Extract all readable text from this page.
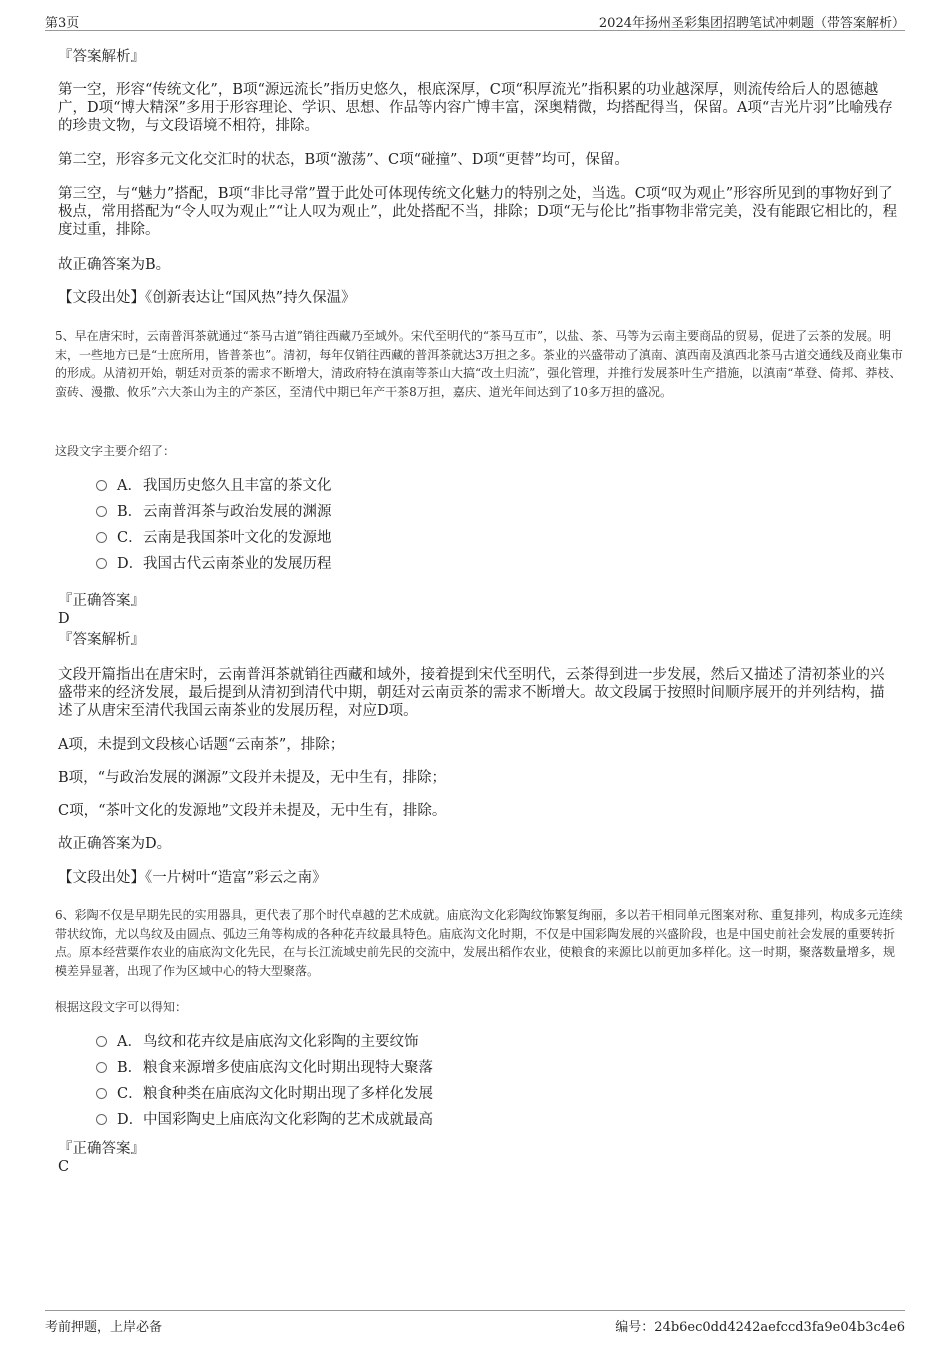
第3页	2024年扬州圣彩集团招聘笔试冲刺题（带答案解析）
『答案解析』
第一空，形容“传统文化”，B项“源远流长”指历史悠久，根底深厚，C项“积厚流光”指积累的功业越深厚，则流传给后人的恩德越广，D项“博大精深”多用于形容理论、学识、思想、作品等内容广博丰富，深奥精微，均搭配得当，保留。A项“吉光片羽”比喻残存的珍贵文物，与文段语境不相符，排除。
第二空，形容多元文化交汇时的状态，B项“激荡”、C项“碰撞”、D项“更替”均可，保留。
第三空，与“魅力”搭配，B项“非比寻常”置于此处可体现传统文化魅力的特别之处，当选。C项“叹为观止”形容所见到的事物好到了极点，常用搭配为“令人叹为观止”“让人叹为观止”，此处搭配不当，排除；D项“无与伦比”指事物非常完美，没有能跟它相比的，程度过重，排除。
故正确答案为B。
【文段出处】《创新表达让“国风热”持久保温》
5、早在唐宋时，云南普洱茶就通过“茶马古道”销往西藏乃至域外。宋代至明代的“茶马互市”，以盐、茶、马等为云南主要商品的贸易，促进了云茶的发展。明末，一些地方已是“士庶所用，皆普茶也”。清初，每年仅销往西藏的普洱茶就达3万担之多。茶业的兴盛带动了滇南、滇西南及滇西北茶马古道交通线及商业集市的形成。从清初开始，朝廷对贡茶的需求不断增大，清政府特在滇南等茶山大搞“改土归流”，强化管理，并推行发展茶叶生产措施，以滇南“革登、倚邦、莽枝、蛮砖、漫撒、攸乐”六大茶山为主的产茶区，至清代中期已年产干茶8万担，嘉庆、道光年间达到了10多万担的盛况。
这段文字主要介绍了：
A．我国历史悠久且丰富的茶文化
B．云南普洱茶与政治发展的渊源
C．云南是我国茶叶文化的发源地
D．我国古代云南茶业的发展历程
『正确答案』
D
『答案解析』
文段开篇指出在唐宋时，云南普洱茶就销往西藏和域外，接着提到宋代至明代，云茶得到进一步发展，然后又描述了清初茶业的兴盛带来的经济发展，最后提到从清初到清代中期，朝廷对云南贡茶的需求不断增大。故文段属于按照时间顺序展开的并列结构，描述了从唐宋至清代我国云南茶业的发展历程，对应D项。
A项，未提到文段核心话题“云南茶”，排除；
B项，“与政治发展的渊源”文段并未提及，无中生有，排除；
C项，“茶叶文化的发源地”文段并未提及，无中生有，排除。
故正确答案为D。
【文段出处】《一片树叶“造富”彩云之南》
6、彩陶不仅是早期先民的实用器具，更代表了那个时代卓越的艺术成就。庙底沟文化彩陶纹饰繁复绚丽，多以若干相同单元图案对称、重复排列，构成多元连续带状纹饰，尤以鸟纹及由圆点、弧边三角等构成的各种花卉纹最具特色。庙底沟文化时期，不仅是中国彩陶发展的兴盛阶段，也是中国史前社会发展的重要转折点。原本经营粟作农业的庙底沟文化先民，在与长江流域史前先民的交流中，发展出稻作农业，使粮食的来源比以前更加多样化。这一时期，聚落数量增多，规模差异显著，出现了作为区域中心的特大型聚落。
根据这段文字可以得知：
A．鸟纹和花卉纹是庙底沟文化彩陶的主要纹饰
B．粮食来源增多使庙底沟文化时期出现特大聚落
C．粮食种类在庙底沟文化时期出现了多样化发展
D．中国彩陶史上庙底沟文化彩陶的艺术成就最高
『正确答案』
C
考前押题，上岸必备	编号：24b6ec0dd4242aefccd3fa9e04b3c4e6
